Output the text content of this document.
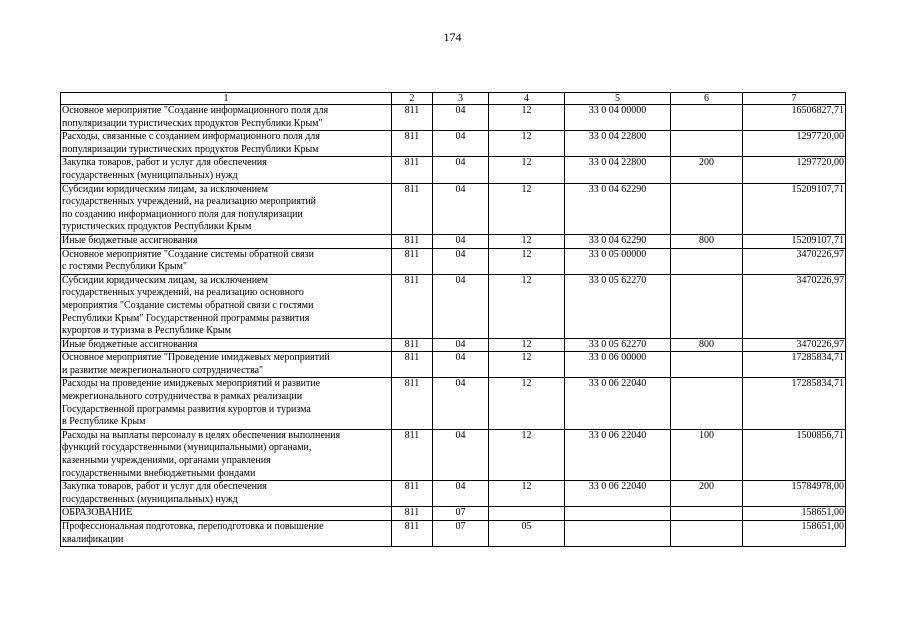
174
1	2	3	4	5	6	7

Основное мероприятие "Создание информационного поля для
популяризации туристических продуктов Республики Крым"	811	04	12	33 0 04 00000		16506827,71

Расходы, связанные с созданием информационного поля для
популяризации туристических продуктов Республики Крым	811	04	12	33 0 04 22800		1297720,00

Закупка товаров, работ и услуг для обеспечения
государственных (муниципальных) нужд	811	04	12	33 0 04 22800	200	1297720,00

Субсидии юридическим лицам, за исключением
государственных учреждений, на реализацию мероприятий
по созданию информационного поля для популяризации
туристических продуктов Республики Крым	811	04	12	33 0 04 62290		15209107,71

Иные бюджетные ассигнования	811	04	12	33 0 04 62290	800	15209107,71

Основное мероприятие "Создание системы обратной связи
с гостями Республики Крым"	811	04	12	33 0 05 00000		3470226,97

Субсидии юридическим лицам, за исключением
государственных учреждений, на реализацию основного
мероприятия "Создание системы обратной связи с гостями
Республики Крым" Государственной программы развития
курортов и туризма в Республике Крым	811	04	12	33 0 05 62270		3470226,97

Иные бюджетные ассигнования	811	04	12	33 0 05 62270	800	3470226,97

Основное мероприятие "Проведение имиджевых мероприятий
и развитие межрегионального сотрудничества"	811	04	12	33 0 06 00000		17285834,71

Расходы на проведение имиджевых мероприятий и развитие
межрегионального сотрудничества в рамках реализации
Государственной программы развития курортов и туризма
в Республике Крым	811	04	12	33 0 06 22040		17285834,71

Расходы на выплаты персоналу в целях обеспечения выполнения
функций государственными (муниципальными) органами,
казенными учреждениями, органами управления
государственными внебюджетными фондами	811	04	12	33 0 06 22040	100	1500856,71

Закупка товаров, работ и услуг для обеспечения
государственных (муниципальных) нужд	811	04	12	33 0 06 22040	200	15784978,00

ОБРАЗОВАНИЕ	811	07				158651,00

Профессиональная подготовка, переподготовка и повышение
квалификации	811	07	05			158651,00
